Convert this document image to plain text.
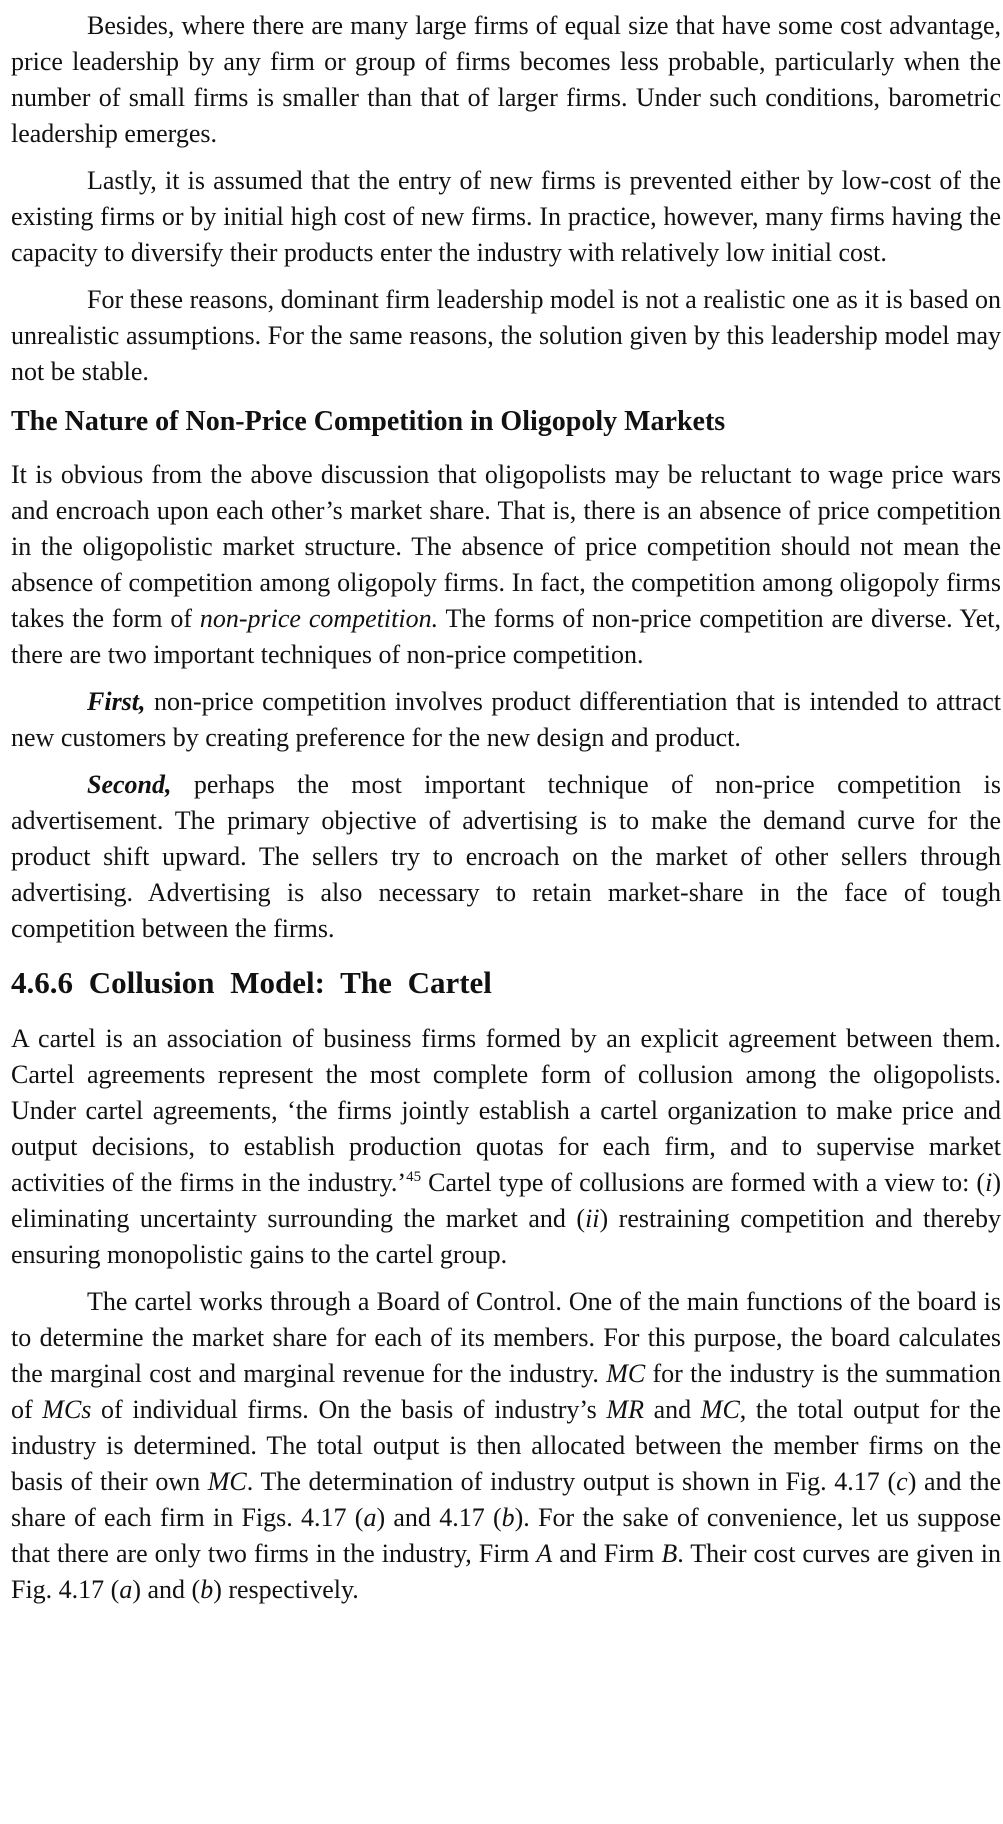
Besides, where there are many large firms of equal size that have some cost advantage, price leadership by any firm or group of firms becomes less probable, particularly when the number of small firms is smaller than that of larger firms. Under such conditions, barometric leadership emerges.

Lastly, it is assumed that the entry of new firms is prevented either by low-cost of the existing firms or by initial high cost of new firms. In practice, however, many firms having the capacity to diversify their products enter the industry with relatively low initial cost.

For these reasons, dominant firm leadership model is not a realistic one as it is based on unrealistic assumptions. For the same reasons, the solution given by this leadership model may not be stable.

The Nature of Non-Price Competition in Oligopoly Markets

It is obvious from the above discussion that oligopolists may be reluctant to wage price wars and encroach upon each other’s market share. That is, there is an absence of price competition in the oligopolistic market structure. The absence of price competition should not mean the absence of competition among oligopoly firms. In fact, the competition among oligopoly firms takes the form of non-price competition. The forms of non-price competition are diverse. Yet, there are two important techniques of non-price competition.

First, non-price competition involves product differentiation that is intended to attract new customers by creating preference for the new design and product.

Second, perhaps the most important technique of non-price competition is advertisement. The primary objective of advertising is to make the demand curve for the product shift upward. The sellers try to encroach on the market of other sellers through advertising. Advertising is also necessary to retain market-share in the face of tough competition between the firms.

4.6.6 Collusion Model: The Cartel

A cartel is an association of business firms formed by an explicit agreement between them. Cartel agreements represent the most complete form of collusion among the oligopolists. Under cartel agreements, ‘the firms jointly establish a cartel organization to make price and output decisions, to establish production quotas for each firm, and to supervise market activities of the firms in the industry.’$^{45}$ Cartel type of collusions are formed with a view to: (i) eliminating uncertainty surrounding the market and (ii) restraining competition and thereby ensuring monopolistic gains to the cartel group.

The cartel works through a Board of Control. One of the main functions of the board is to determine the market share for each of its members. For this purpose, the board calculates the marginal cost and marginal revenue for the industry. MC for the industry is the summation of MCs of individual firms. On the basis of industry’s MR and MC, the total output for the industry is determined. The total output is then allocated between the member firms on the basis of their own MC. The determination of industry output is shown in Fig. 4.17 (c) and the share of each firm in Figs. 4.17 (a) and 4.17 (b). For the sake of convenience, let us suppose that there are only two firms in the industry, Firm A and Firm B. Their cost curves are given in Fig. 4.17 (a) and (b) respectively.
